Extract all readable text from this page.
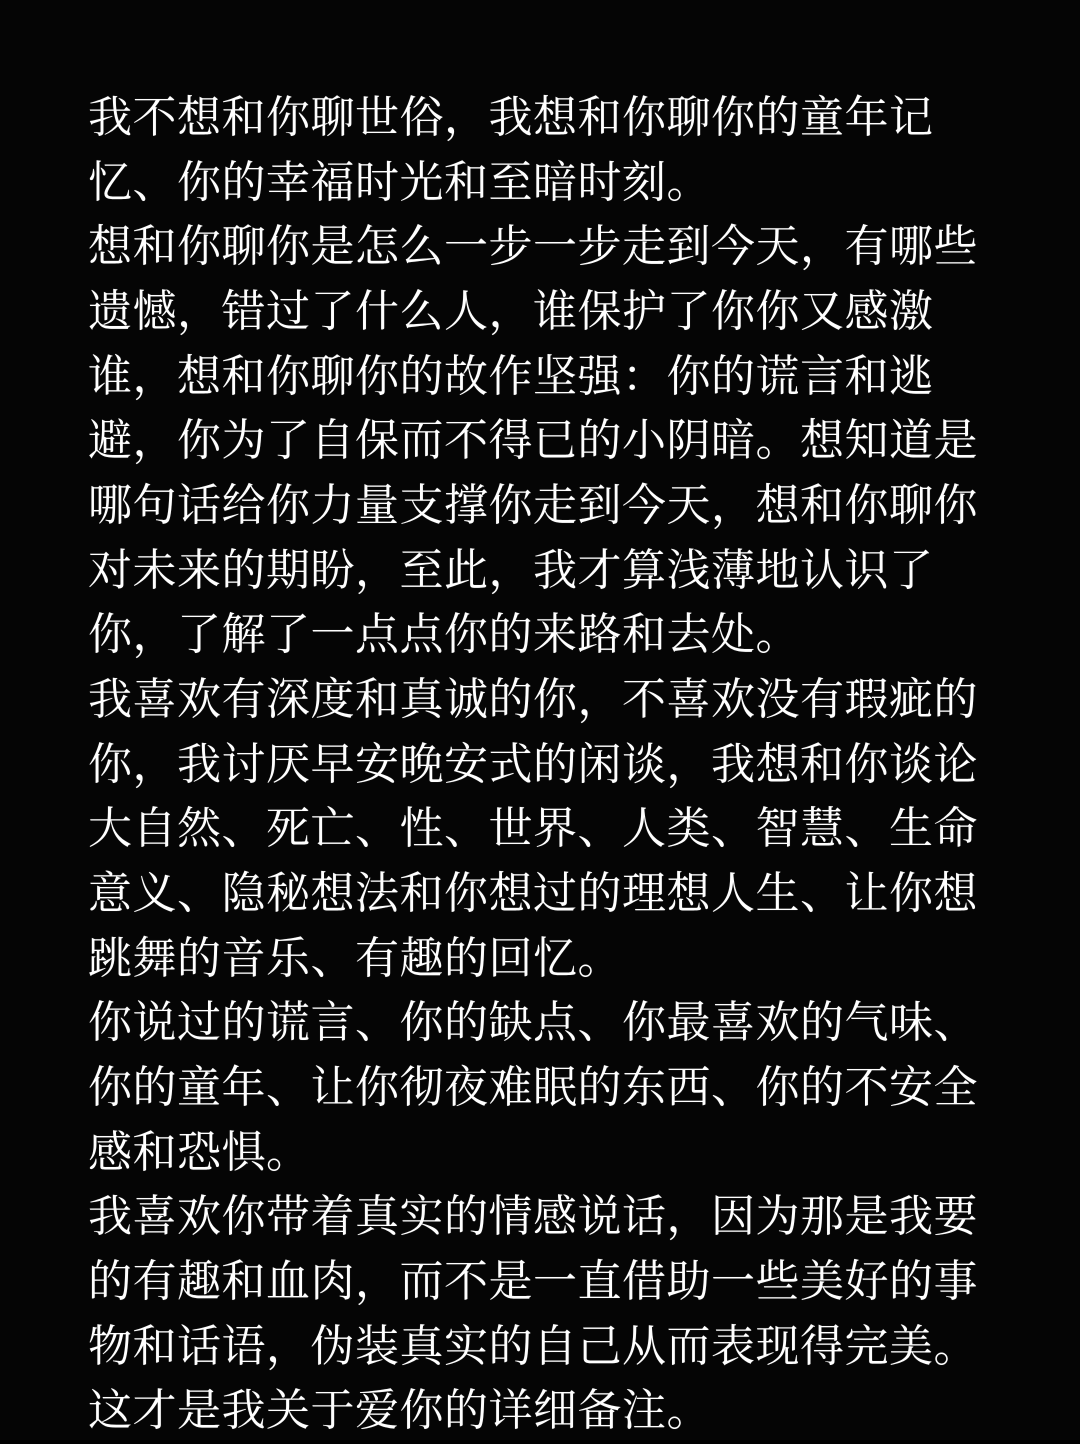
我不想和你聊世俗，我想和你聊你的童年记忆、你的幸福时光和至暗时刻。

想和你聊你是怎么一步一步走到今天，有哪些遗憾，错过了什么人，谁保护了你你又感激谁，想和你聊你的故作坚强：你的谎言和逃避，你为了自保而不得已的小阴暗。想知道是哪句话给你力量支撑你走到今天，想和你聊你对未来的期盼，至此，我才算浅薄地认识了你，了解了一点点你的来路和去处。

我喜欢有深度和真诚的你，不喜欢没有瑕疵的你，我讨厌早安晚安式的闲谈，我想和你谈论大自然、死亡、性、世界、人类、智慧、生命意义、隐秘想法和你想过的理想人生、让你想跳舞的音乐、有趣的回忆。

你说过的谎言、你的缺点、你最喜欢的气味、你的童年、让你彻夜难眠的东西、你的不安全感和恐惧。

我喜欢你带着真实的情感说话，因为那是我要的有趣和血肉，而不是一直借助一些美好的事物和话语，伪装真实的自己从而表现得完美。这才是我关于爱你的详细备注。
